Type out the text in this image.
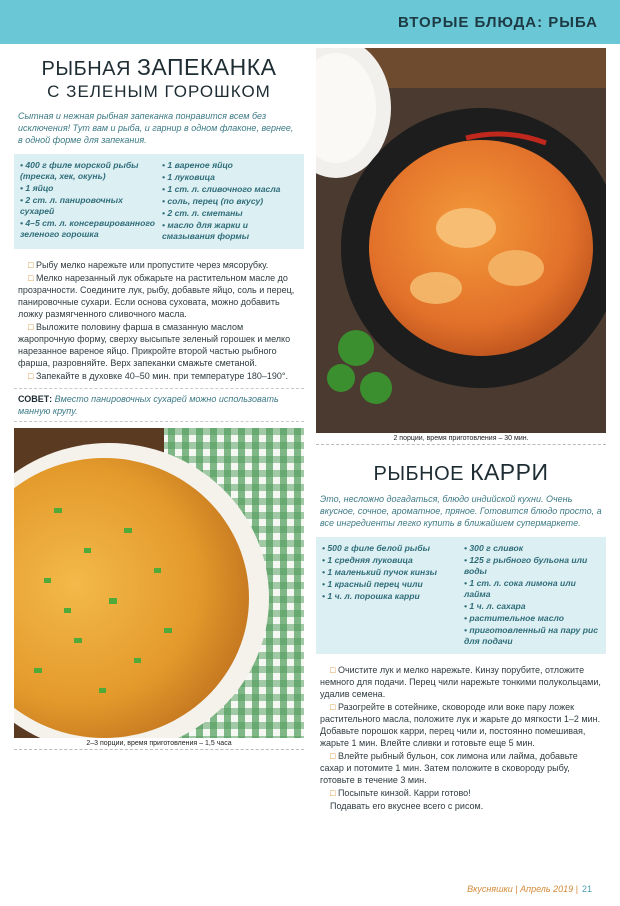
ВТОРЫЕ БЛЮДА: РЫБА
РЫБНАЯ ЗАПЕКАНКА
С ЗЕЛЕНЫМ ГОРОШКОМ
Сытная и нежная рыбная запеканка понравится всем без исключения! Тут вам и рыба, и гарнир в одном флаконе, вернее, в одной форме для запекания.
• 400 г филе морской рыбы (треска, хек, окунь)
• 1 яйцо
• 2 ст. л. панировочных сухарей
• 4–5 ст. л. консервированного зеленого горошка
• 1 вареное яйцо
• 1 луковица
• 1 ст. л. сливочного масла
• соль, перец (по вкусу)
• 2 ст. л. сметаны
• масло для жарки и смазывания формы

□ Рыбу мелко нарежьте или пропустите через мясорубку.

□ Мелко нарезанный лук обжарьте на растительном масле до прозрачности. Соедините лук, рыбу, добавьте яйцо, соль и перец, панировочные сухари. Если основа суховата, можно добавить ложку размягченного сливочного масла.

□ Выложите половину фарша в смазанную маслом жаропрочную форму, сверху высыпьте зеленый горошек и мелко нарезанное вареное яйцо. Прикройте второй частью рыбного фарша, разровняйте. Верх запеканки смажьте сметаной.

□ Запекайте в духовке 40–50 мин. при температуре 180–190°.

СОВЕТ: Вместо панировочных сухарей можно использовать манную крупу.
2–3 порции, время приготовления – 1,5 часа
2 порции, время приготовления – 30 мин.
РЫБНОЕ КАРРИ
Это, несложно догадаться, блюдо индийской кухни. Очень вкусное, сочное, ароматное, пряное. Готовится блюдо просто, а все ингредиенты легко купить в ближайшем супермаркете.
• 500 г филе белой рыбы
• 1 средняя луковица
• 1 маленький пучок кинзы
• 1 красный перец чили
• 1 ч. л. порошка карри
• 300 г сливок
• 125 г рыбного бульона или воды
• 1 ст. л. сока лимона или лайма
• 1 ч. л. сахара
• растительное масло
• приготовленный на пару рис для подачи

□ Очистите лук и мелко нарежьте. Кинзу порубите, отложите немного для подачи. Перец чили нарежьте тонкими полукольцами, удалив семена.

□ Разогрейте в сотейнике, сковороде или воке пару ложек растительного масла, положите лук и жарьте до мягкости 1–2 мин. Добавьте порошок карри, перец чили и, постоянно помешивая, жарьте 1 мин. Влейте сливки и готовьте еще 5 мин.

□ Влейте рыбный бульон, сок лимона или лайма, добавьте сахар и потомите 1 мин. Затем положите в сковороду рыбу, готовьте в течение 3 мин.

□ Посыпьте кинзой. Карри готово!

Подавать его вкуснее всего с рисом.

Вкусняшки | Апрель 2019 | 21
